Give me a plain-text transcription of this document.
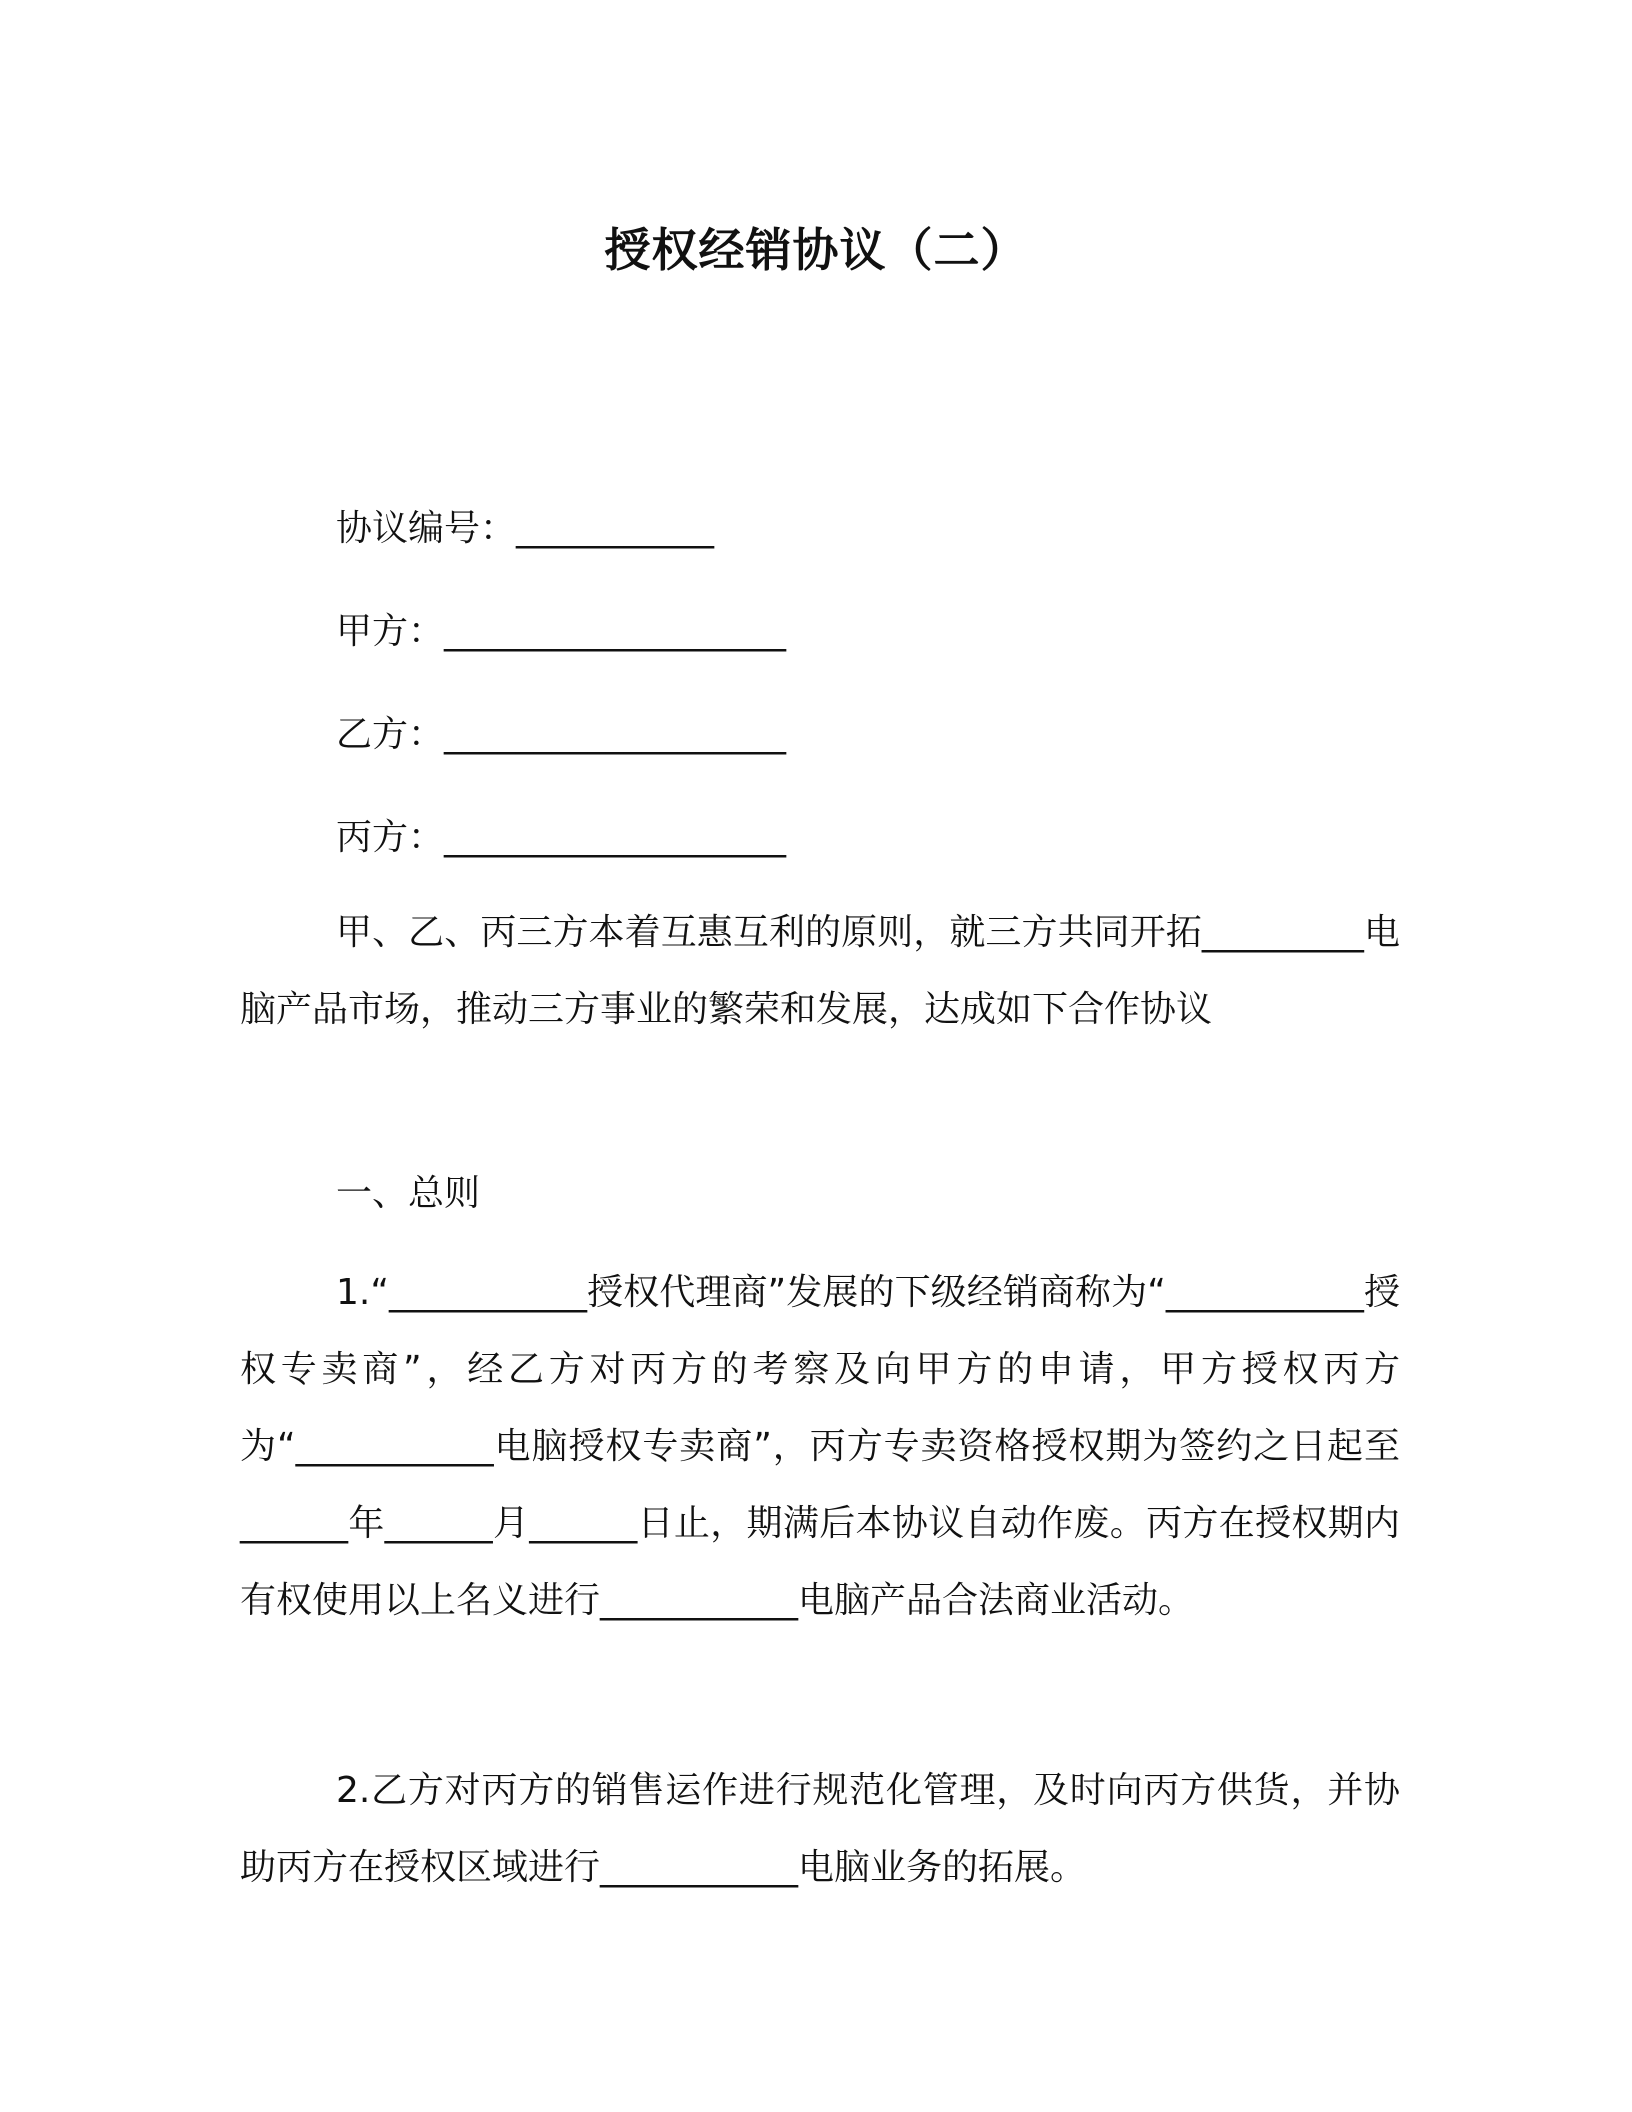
授权经销协议（二）
协议编号：___________
甲方：___________________
乙方：___________________
丙方：___________________

甲、乙、丙三方本着互惠互利的原则，就三方共同开拓_________电脑产品市场，推动三方事业的繁荣和发展，达成如下合作协议

一、总则

1.“___________授权代理商”发展的下级经销商称为“___________授权专卖商”，经乙方对丙方的考察及向甲方的申请，甲方授权丙方为“___________电脑授权专卖商”，丙方专卖资格授权期为签约之日起至______年______月______日止，期满后本协议自动作废。丙方在授权期内有权使用以上名义进行___________电脑产品合法商业活动。

2.乙方对丙方的销售运作进行规范化管理，及时向丙方供货，并协助丙方在授权区域进行___________电脑业务的拓展。
